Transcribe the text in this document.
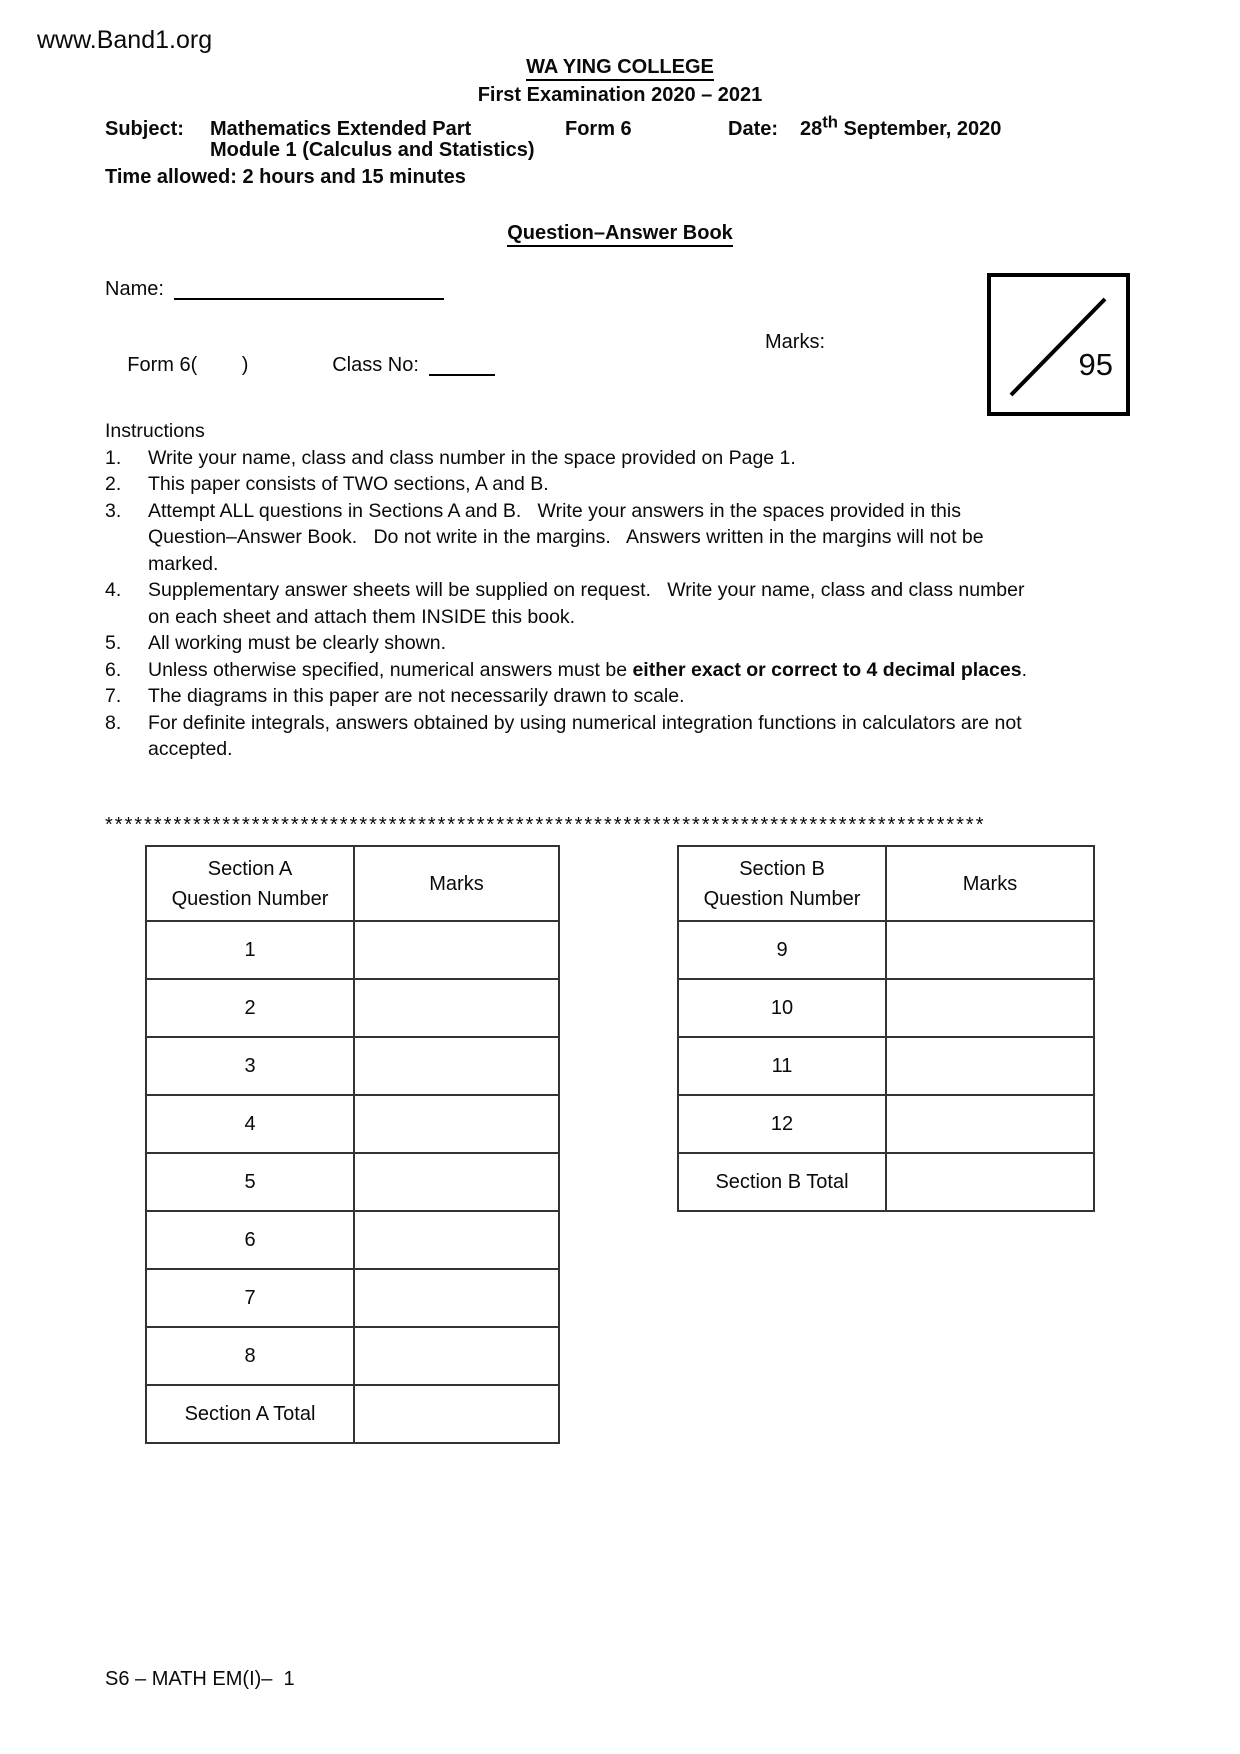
www.Band1.org
WA YING COLLEGE
First Examination 2020 – 2021
Subject: Mathematics Extended Part	Form 6	Date: 28th September, 2020
Module 1 (Calculus and Statistics)
Time allowed: 2 hours and 15 minutes
Question–Answer Book
Name:

Form 6(        )	Class No:

Marks:
95
Instructions
1.	Write your name, class and class number in the space provided on Page 1.
2.	This paper consists of TWO sections, A and B.
3.	Attempt ALL questions in Sections A and B.   Write your answers in the spaces provided in this Question–Answer Book.   Do not write in the margins.   Answers written in the margins will not be marked.
4.	Supplementary answer sheets will be supplied on request.   Write your name, class and class number on each sheet and attach them INSIDE this book.
5.	All working must be clearly shown.
6.	Unless otherwise specified, numerical answers must be either exact or correct to 4 decimal places.
7.	The diagrams in this paper are not necessarily drawn to scale.
8.	For definite integrals, answers obtained by using numerical integration functions in calculators are not accepted.
******************************************************************************************
Section A
Question Number	Marks
1	
2	
3	
4	
5	
6	
7	
8	
Section A Total	
Section B
Question Number	Marks
9	
10	
11	
12	
Section B Total	
S6 – MATH EM(I)–  1
